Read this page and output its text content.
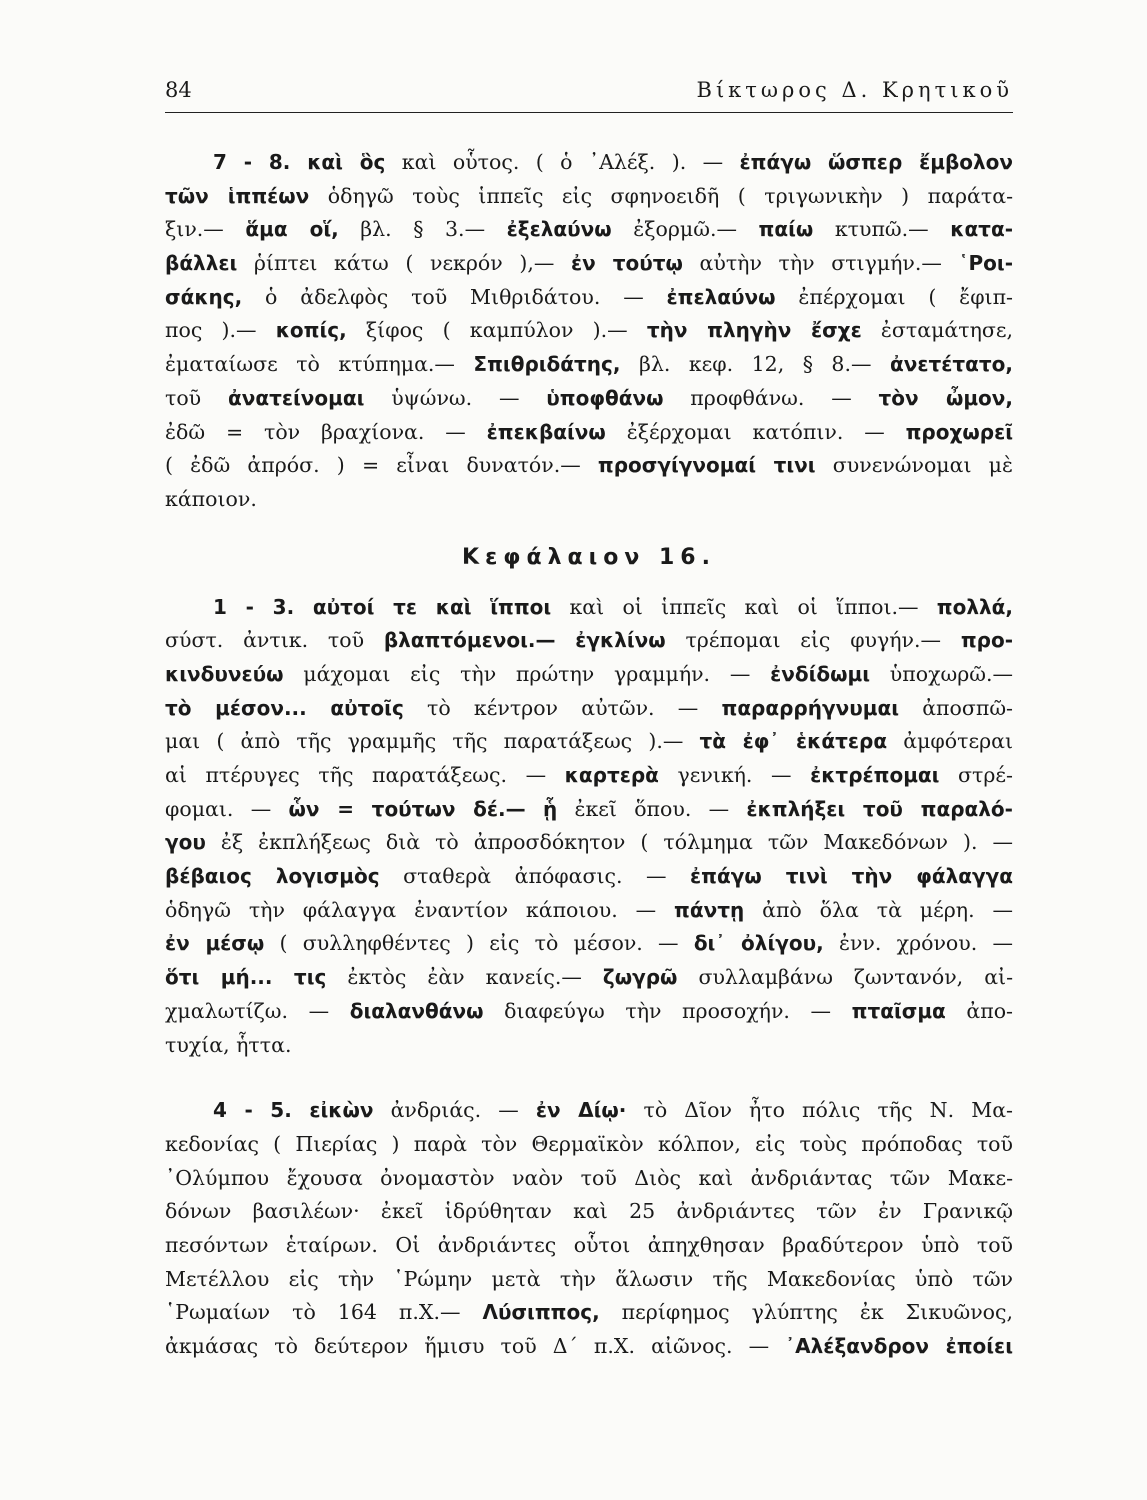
84	Βίκτωρος Δ. Κρητικοῦ
7 - 8. καὶ ὃς καὶ οὗτος. ( ὁ ᾿Αλέξ. ). — ἐπάγω ὥσπερ ἔμβολον
τῶν ἱππέων ὁδηγῶ τοὺς ἱππεῖς εἰς σφηνοειδῆ ( τριγωνικὴν ) παράτα-
ξιν.— ἅμα οἵ, βλ. § 3.— ἐξελαύνω ἐξορμῶ.— παίω κτυπῶ.— κατα-
βάλλει ῥίπτει κάτω ( νεκρόν ),— ἐν τούτῳ αὐτὴν τὴν στιγμήν.— ῾Ροι-
σάκης, ὁ ἀδελφὸς τοῦ Μιθριδάτου. — ἐπελαύνω ἐπέρχομαι ( ἔφιπ-
πος ).— κοπίς, ξίφος ( καμπύλον ).— τὴν πληγὴν ἔσχε ἐσταμάτησε,
ἐματαίωσε τὸ κτύπημα.— Σπιθριδάτης, βλ. κεφ. 12, § 8.— ἀνετέτατο,
τοῦ ἀνατείνομαι ὑψώνω. — ὑποφθάνω προφθάνω. — τὸν ὦμον,
ἐδῶ = τὸν βραχίονα. — ἐπεκβαίνω ἐξέρχομαι κατόπιν. — προχωρεῖ
( ἐδῶ ἀπρόσ. ) = εἶναι δυνατόν.— προσγίγνομαί τινι συνενώνομαι μὲ
κάποιον.
Κεφάλαιον 16.
1 - 3. αὐτοί τε καὶ ἵπποι καὶ οἱ ἱππεῖς καὶ οἱ ἵπποι.— πολλά,
σύστ. ἀντικ. τοῦ βλαπτόμενοι.— ἐγκλίνω τρέπομαι εἰς φυγήν.— προ-
κινδυνεύω μάχομαι εἰς τὴν πρώτην γραμμήν. — ἐνδίδωμι ὑποχωρῶ.—
τὸ μέσον... αὐτοῖς τὸ κέντρον αὐτῶν. — παραρρήγνυμαι ἀποσπῶ-
μαι ( ἀπὸ τῆς γραμμῆς τῆς παρατάξεως ).— τὰ ἐφ᾿ ἑκάτερα ἀμφότεραι
αἱ πτέρυγες τῆς παρατάξεως. — καρτερὰ γενική. — ἐκτρέπομαι στρέ-
φομαι. — ὧν = τούτων δέ.— ᾗ ἐκεῖ ὅπου. — ἐκπλήξει τοῦ παραλό-
γου ἐξ ἐκπλήξεως διὰ τὸ ἀπροσδόκητον ( τόλμημα τῶν Μακεδόνων ). —
βέβαιος λογισμὸς σταθερὰ ἀπόφασις. — ἐπάγω τινὶ τὴν φάλαγγα
ὁδηγῶ τὴν φάλαγγα ἐναντίον κάποιου. — πάντῃ ἀπὸ ὅλα τὰ μέρη. —
ἐν μέσῳ ( συλληφθέντες ) εἰς τὸ μέσον. — δι᾿ ὀλίγου, ἐνν. χρόνου. —
ὅτι μή... τις ἐκτὸς ἐὰν κανείς.— ζωγρῶ συλλαμβάνω ζωντανόν, αἰ-
χμαλωτίζω. — διαλανθάνω διαφεύγω τὴν προσοχήν. — πταῖσμα ἀπο-
τυχία, ἧττα.
4 - 5. εἰκὼν ἀνδριάς. — ἐν Δίῳ· τὸ Δῖον ἦτο πόλις τῆς Ν. Μα-
κεδονίας ( Πιερίας ) παρὰ τὸν Θερμαϊκὸν κόλπον, εἰς τοὺς πρόποδας τοῦ
᾿Ολύμπου ἔχουσα ὀνομαστὸν ναὸν τοῦ Διὸς καὶ ἀνδριάντας τῶν Μακε-
δόνων βασιλέων· ἐκεῖ ἱδρύθηταν καὶ 25 ἀνδριάντες τῶν ἐν Γρανικῷ
πεσόντων ἑταίρων. Οἱ ἀνδριάντες οὗτοι ἀπηχθησαν βραδύτερον ὑπὸ τοῦ
Μετέλλου εἰς τὴν ῾Ρώμην μετὰ τὴν ἅλωσιν τῆς Μακεδονίας ὑπὸ τῶν
῾Ρωμαίων τὸ 164 π.Χ.— Λύσιππος, περίφημος γλύπτης ἐκ Σικυῶνος,
ἀκμάσας τὸ δεύτερον ἥμισυ τοῦ Δ΄ π.Χ. αἰῶνος. — ᾿Αλέξανδρον ἐποίει
